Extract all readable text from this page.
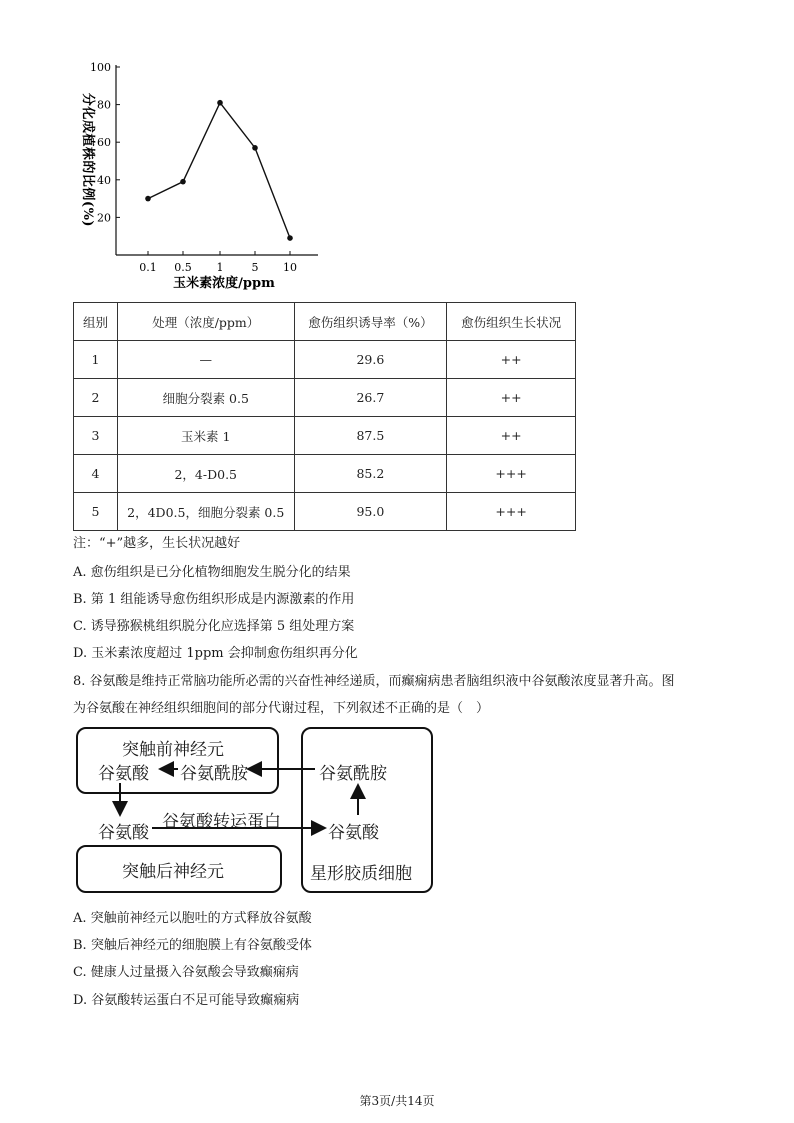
20
40
60
80
100
0.1 0.5 1	5 10
分化成植株的比例(%)
玉米素浓度/ppm
组别	处理（浓度/ppm）	愈伤组织诱导率（%）	愈伤组织生长状况
1	—	29.6	++
2	细胞分裂素 0.5	26.7	++
3	玉米素 1	87.5	++
4	2，4-D0.5	85.2	+++
5	2，4D0.5，细胞分裂素 0.5	95.0	+++
注：“+”越多，生长状况越好
A. 愈伤组织是已分化植物细胞发生脱分化的结果
B. 第 1 组能诱导愈伤组织形成是内源激素的作用
C. 诱导猕猴桃组织脱分化应选择第 5 组处理方案
D. 玉米素浓度超过 1ppm 会抑制愈伤组织再分化
8. 谷氨酸是维持正常脑功能所必需的兴奋性神经递质，而癫痫病患者脑组织液中谷氨酸浓度显著升高。图
为谷氨酸在神经组织细胞间的部分代谢过程，下列叙述不正确的是（　）
突触前神经元
谷氨酸 谷氨酰胺	谷氨酰胺
谷氨酸
谷氨酸转运蛋白
谷氨酸
突触后神经元	星形胶质细胞
A. 突触前神经元以胞吐的方式释放谷氨酸
B. 突触后神经元的细胞膜上有谷氨酸受体
C. 健康人过量摄入谷氨酸会导致癫痫病
D. 谷氨酸转运蛋白不足可能导致癫痫病
第3页/共14页
